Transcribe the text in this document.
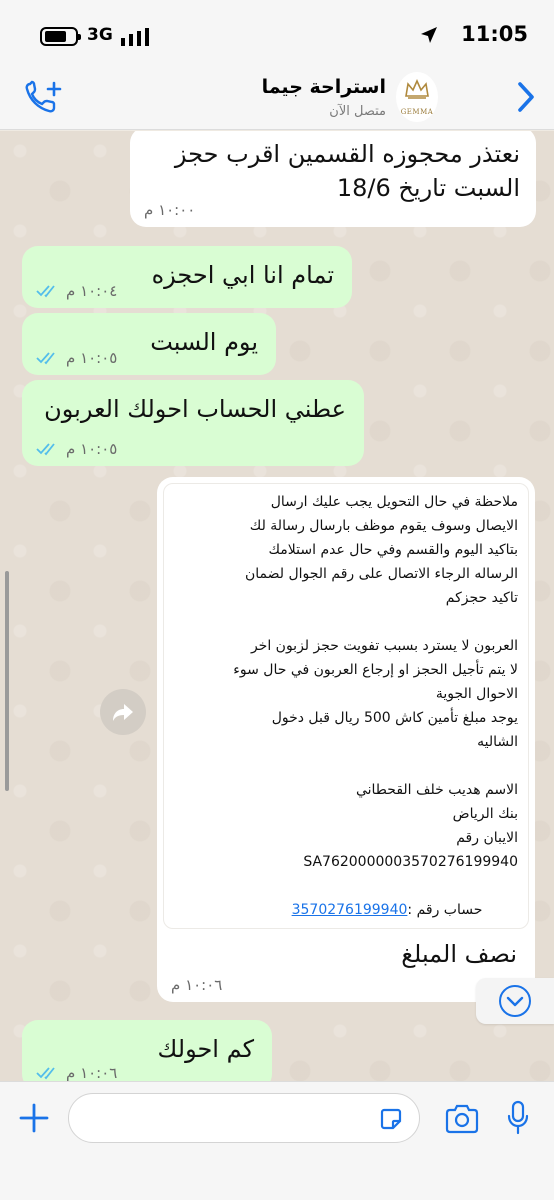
3G	11:05
متصل الآن
استراحة جيما
GEMMA
نعتذر محجوزه القسمين اقرب حجز
السبت تاريخ 18/6
١٠:٠٠ م
تمام انا ابي احجزه
١٠:٠٤ م
يوم السبت
١٠:٠٥ م
عطني الحساب احولك العربون
١٠:٠٥ م
ملاحظة في حال التحويل يجب عليك ارسال
الايصال وسوف يقوم موظف بارسال رسالة لك
بتاكيد اليوم والقسم وفي حال عدم استلامك
الرساله الرجاء الاتصال على رقم الجوال لضمان
تاكيد حجزكم

العربون لا يسترد بسبب تفويت حجز لزبون اخر
لا يتم تأجيل الحجز او إرجاع العربون في حال سوء
الاحوال الجوية
يوجد مبلغ تأمين كاش 500 ريال قبل دخول
الشاليه

الاسم هديب خلف القحطاني
بنك الرياض
الايبان رقم
SA7620000003570276199940

حساب رقم :3570276199940

نصف المبلغ
١٠:٠٦ م
كم احولك
١٠:٠٦ م
